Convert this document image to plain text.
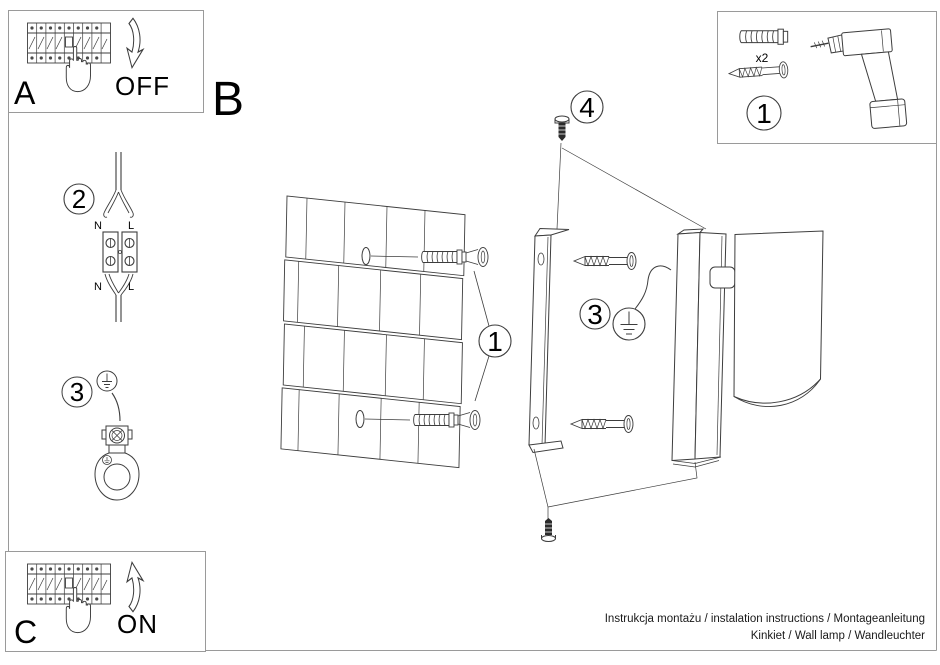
A	OFF
C	ON
x2
1
2
N L
N L
3
B
1
4
3
Instrukcja montażu / instalation instructions / Montageanleitung
Kinkiet / Wall lamp / Wandleuchter
